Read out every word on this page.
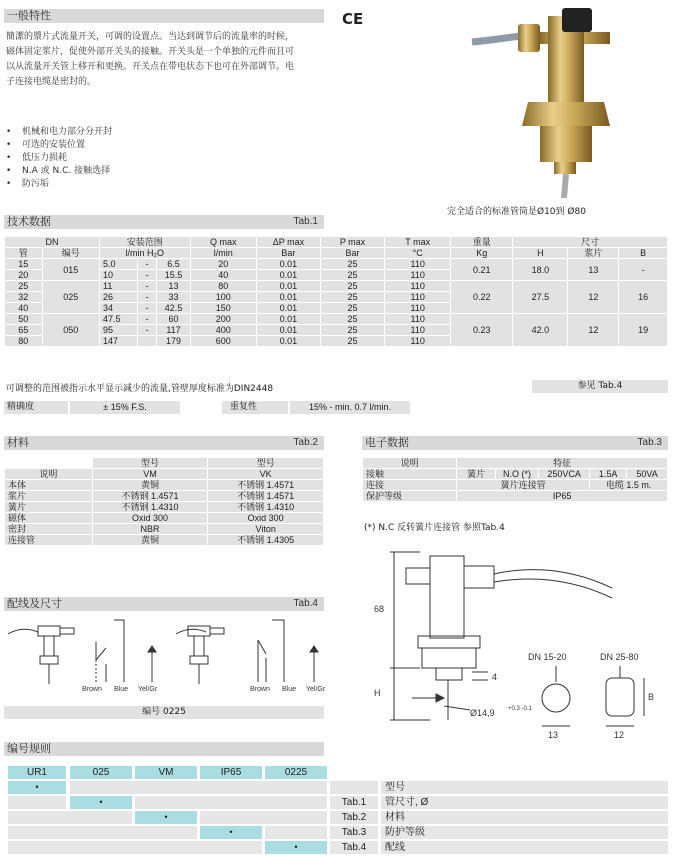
一般特性	CE
簡潔的漿片式流量开关，可调的设置点。当达到调节后的流量率的时候，
磁体固定浆片，促使外部开关头的接触。开关头是一个单独的元件而且可
以从流量开关管上移开和更换。开关点在带电状态下也可在外部调节。电
子连接电缆是密封的。
• 机械和电力部分分开封
• 可选的安装位置
• 低压力损耗
• N.A 或 N.C. 接触选择
• 防污垢
完全适合的标准管筒是Ø10到 Ø80
技术数据	Tab.1
DN		安装范围			Q max	ΔP max	P max	T max	重量	尺寸		
管	编号	l/min H₂O			l/min	Bar	Bar	°C	Kg	H	浆片	B
15	015	5.0	-	6.5	20	0.01	25	110	0.21	18.0	13	-
20		10	-	15.5	40	0.01	25	110				
25	025	11	-	13	80	0.01	25	110	0.22	27.5	12	16
32		26	-	33	100	0.01	25	110				
40		34	-	42.5	150	0.01	25	110				
50	050	47.5	-	60	200	0.01	25	110	0.23	42.0	12	19
65		95	-	117	400	0.01	25	110				
80		147		179	600	0.01	25	110				
可调整的范围被指示水平显示减少的流量,管壁厚度标准为DIN2448	参见 Tab.4
精确度	± 15% F.S.	重复性	15% - min. 0.7 l/min.
材料	Tab.2
	型号	型号
说明	VM	VK
本体	黄铜	不锈钢 1.4571
浆片	不锈钢 1.4571	不锈钢 1.4571
簧片	不锈钢 1.4310	不锈钢 1.4310
磁体	Oxid 300	Oxid 300
密封	NBR	Viton
连接管	黄铜	不锈钢 1.4305
电子数据	Tab.3
说明	特征				
接触	簧片	N.O (*)	250VCA	1.5A	50VA
连接	簧片连接管			电缆 1.5 m.	
保护等级	IP65				
(*) N.C 反转簧片连接管 参照Tab.4
配线及尺寸	Tab.4
Brown Blue Yel/Gr	Brown Blue Yel/Gr
编号 0225
68
H
4
Ø14,9 +0.3 -0.1
DN 15-20	DN 25-80
B
13	12
编号规则
UR1	025	VM	IP65	0225
•	型号
•	Tab.1	管尺寸, Ø
•	Tab.2	材料
•	Tab.3	防护等级
•	Tab.4	配线
